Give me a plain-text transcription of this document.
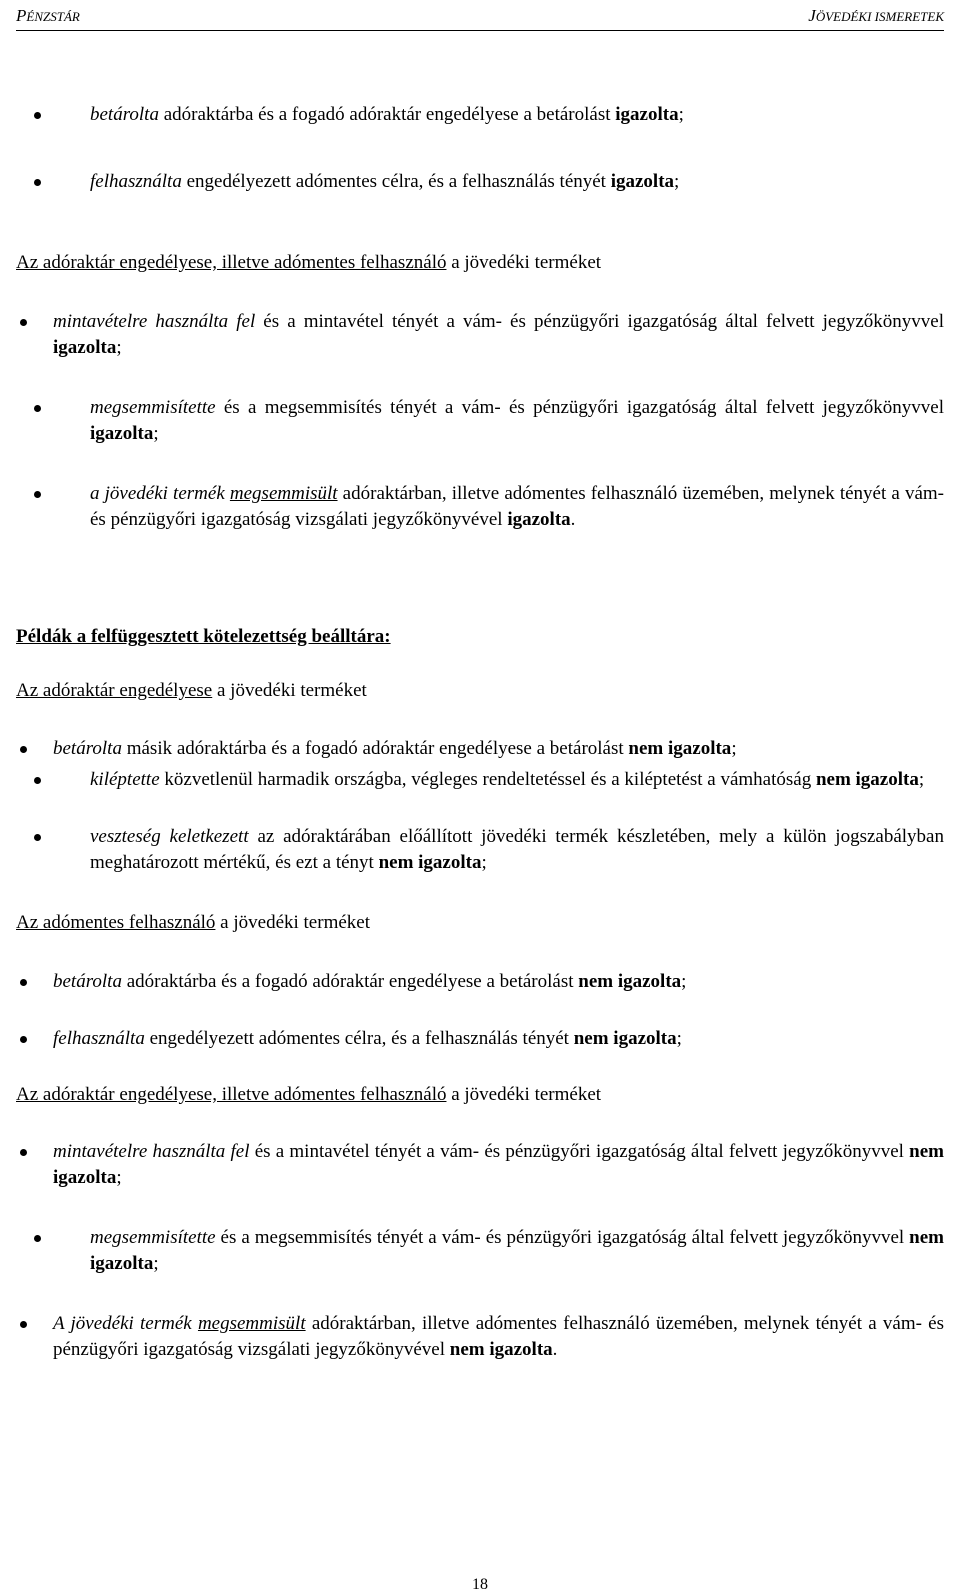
PÉNZSTÁR	JÖVEDÉKI ISMERETEK
betárolta adóraktárba és a fogadó adóraktár engedélyese a betárolást igazolta;
felhasználta engedélyezett adómentes célra, és a felhasználás tényét igazolta;
Az adóraktár engedélyese, illetve adómentes felhasználó a jövedéki terméket
mintavételre használta fel és a mintavétel tényét a vám- és pénzügyőri igazgatóság által felvett jegyzőkönyvvel igazolta;
megsemmisítette és a megsemmisítés tényét a vám- és pénzügyőri igazgatóság által felvett jegyzőkönyvvel igazolta;
a jövedéki termék megsemmisült adóraktárban, illetve adómentes felhasználó üzemében, melynek tényét a vám- és pénzügyőri igazgatóság vizsgálati jegyzőkönyvével igazolta.
Példák a felfüggesztett kötelezettség beálltára:
Az adóraktár engedélyese a jövedéki terméket
betárolta másik adóraktárba és a fogadó adóraktár engedélyese a betárolást nem igazolta;
kiléptette közvetlenül harmadik országba, végleges rendeltetéssel és a kiléptetést a vámhatóság nem igazolta;
veszteség keletkezett az adóraktárában előállított jövedéki termék készletében, mely a külön jogszabályban meghatározott mértékű, és ezt a tényt nem igazolta;
Az adómentes felhasználó a jövedéki terméket
betárolta adóraktárba és a fogadó adóraktár engedélyese a betárolást nem igazolta;
felhasználta engedélyezett adómentes célra, és a felhasználás tényét nem igazolta;
Az adóraktár engedélyese, illetve adómentes felhasználó a jövedéki terméket
mintavételre használta fel és a mintavétel tényét a vám- és pénzügyőri igazgatóság által felvett jegyzőkönyvvel nem igazolta;
megsemmisítette és a megsemmisítés tényét a vám- és pénzügyőri igazgatóság által felvett jegyzőkönyvvel nem igazolta;
A jövedéki termék megsemmisült adóraktárban, illetve adómentes felhasználó üzemében, melynek tényét a vám- és pénzügyőri igazgatóság vizsgálati jegyzőkönyvével nem igazolta.
18
